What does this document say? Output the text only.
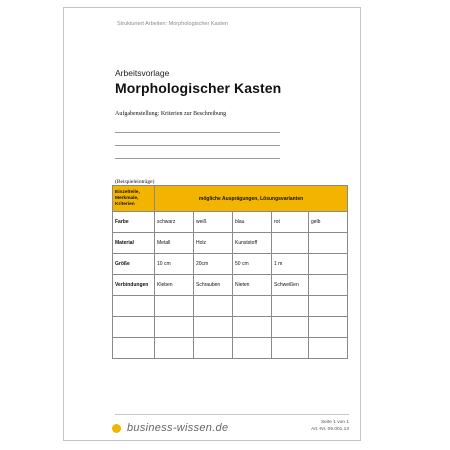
Strukturiert Arbeiten: Morphologischer Kasten
Arbeitsvorlage
Morphologischer Kasten
Aufgabenstellung: Kriterien zur Beschreibung
(Beispieleinträge)
Einzelteile, Merkmale, Kriterien	mögliche Ausprägungen, Lösungsvarianten				
Farbe	schwarz	weiß	blau	rot	gelb
Material	Metall	Holz	Kunststoff		
Größe	10 cm	20cm	50 cm	1 m	
Verbindungen	Kleben	Schrauben	Nieten	Schweißen	

business-wissen.de	Seite 1 von 1
Art.-Nr. 09.001.13
